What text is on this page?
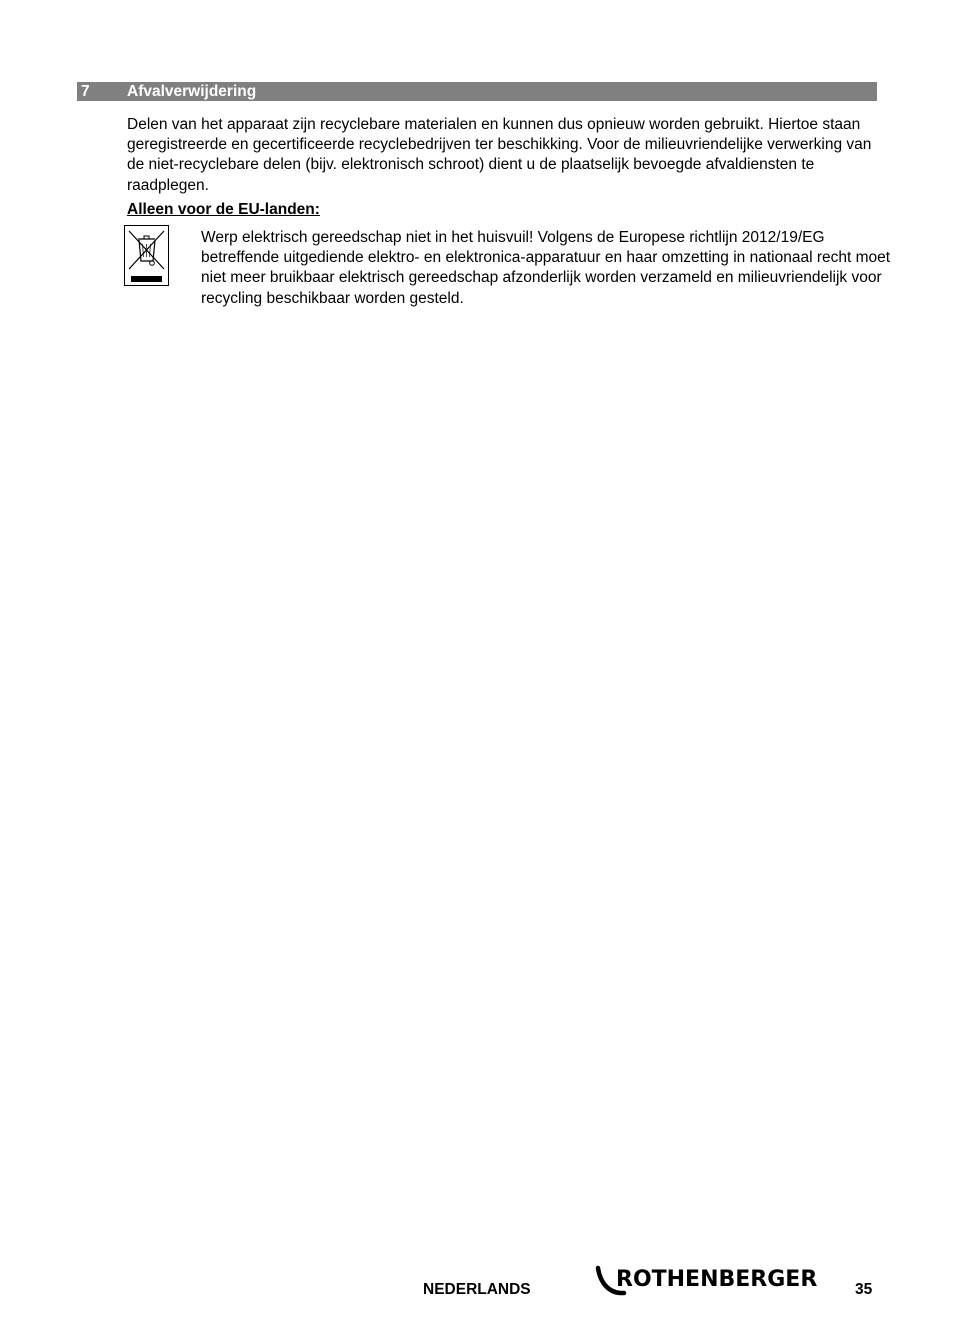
7 Afvalverwijdering
Delen van het apparaat zijn recyclebare materialen en kunnen dus opnieuw worden gebruikt. Hiertoe staan geregistreerde en gecertificeerde recyclebedrijven ter beschikking. Voor de milieuvriendelijke verwerking van de niet-recyclebare delen (bijv. elektronisch schroot) dient u de plaatselijk bevoegde afvaldiensten te raadplegen.
Alleen voor de EU-landen:
Werp elektrisch gereedschap niet in het huisvuil! Volgens de Europese richtlijn 2012/19/EG betreffende uitgediende elektro- en elektronica-apparatuur en haar omzetting in nationaal recht moet niet meer bruikbaar elektrisch gereedschap afzonderlijk worden verzameld en milieuvriendelijk voor recycling beschikbaar worden gesteld.
NEDERLANDS	ROTHENBERGER 35
